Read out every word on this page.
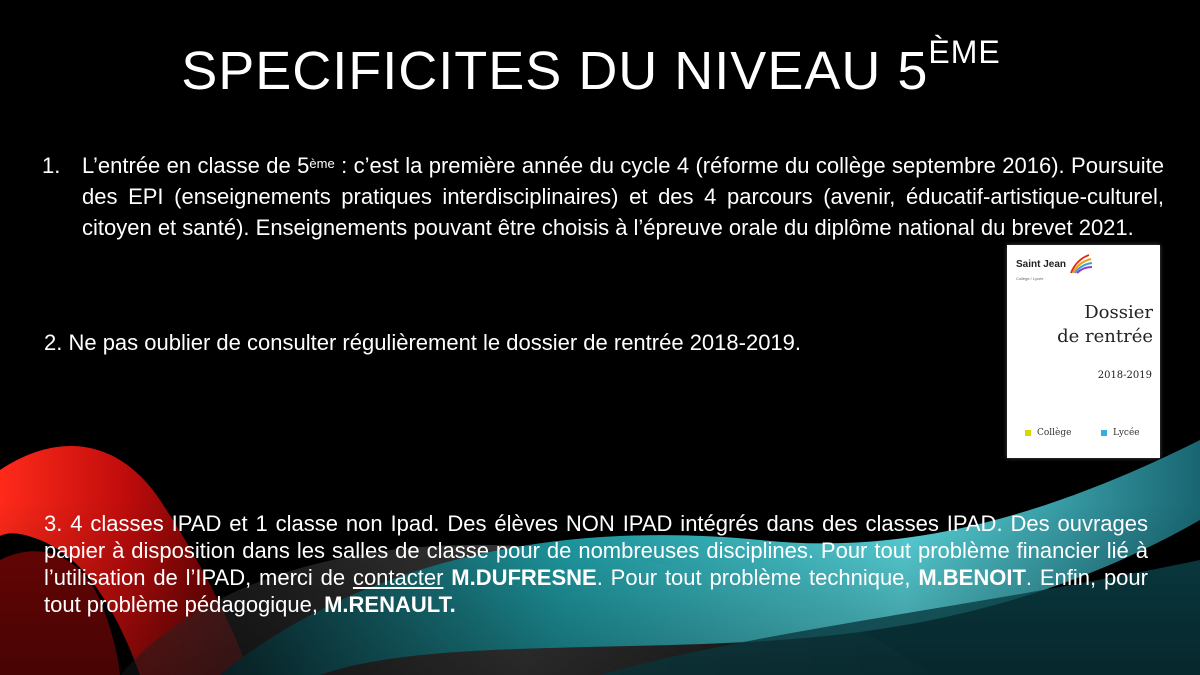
SPECIFICITES DU NIVEAU 5ÈME
1. L’entrée en classe de 5ème : c’est la première année du cycle 4 (réforme du collège septembre 2016). Poursuite des EPI (enseignements pratiques interdisciplinaires) et des 4 parcours (avenir, éducatif-artistique-culturel, citoyen et santé). Enseignements pouvant être choisis à l’épreuve orale du diplôme national du brevet 2021.
2. Ne pas oublier de consulter régulièrement le dossier de rentrée 2018-2019.
3. 4 classes IPAD et 1 classe non Ipad. Des élèves NON IPAD intégrés dans des classes IPAD. Des ouvrages papier à disposition dans les salles de classe pour de nombreuses disciplines. Pour tout problème financier lié à l’utilisation de l’IPAD, merci de contacter M.DUFRESNE. Pour tout problème technique, M.BENOIT. Enfin, pour tout problème pédagogique, M.RENAULT.
Saint Jean
Collège / Lycée
Dossier
de rentrée
2018-2019
Collège	Lycée
